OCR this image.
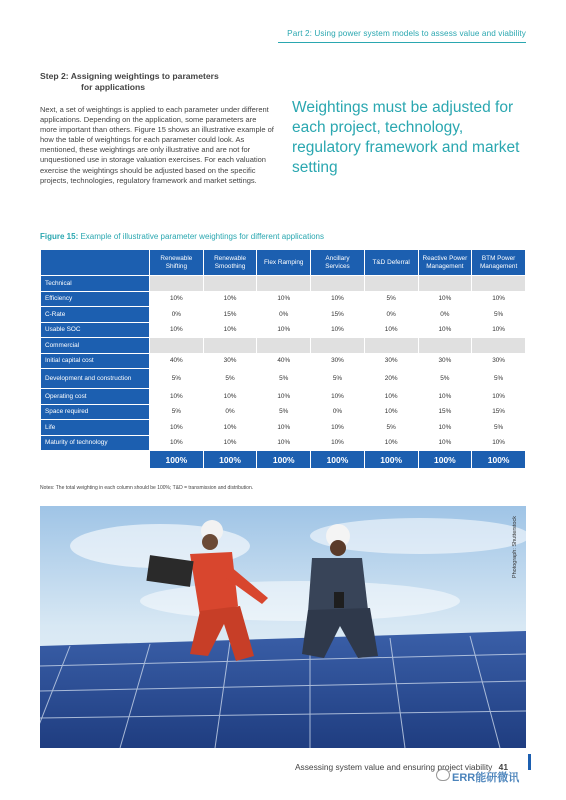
Part 2: Using power system models to assess value and viability
Step 2: Assigning weightings to parameters
for applications

Next, a set of weightings is applied to each parameter under different applications. Depending on the application, some parameters are more important than others. Figure 15 shows an illustrative example of how the table of weightings for each parameter could look. As mentioned, these weightings are only illustrative and are not for unquestioned use in storage valuation exercises. For each valuation exercise the weightings should be adjusted based on the specific projects, technologies, regulatory framework and market settings.

Weightings must be adjusted for each project, technology, regulatory framework and market setting
Figure 15: Example of illustrative parameter weightings for different applications
	Renewable Shifting	Renewable Smoothing	Flex Ramping	Ancillary Services	T&D Deferral	Reactive Power Management	BTM Power Management
Technical							
Efficiency	10%	10%	10%	10%	5%	10%	10%
C-Rate	0%	15%	0%	15%	0%	0%	5%
Usable SOC	10%	10%	10%	10%	10%	10%	10%
Commercial							
Initial capital cost	40%	30%	40%	30%	30%	30%	30%
Development and construction	5%	5%	5%	5%	20%	5%	5%
Operating cost	10%	10%	10%	10%	10%	10%	10%
Space required	5%	0%	5%	0%	10%	15%	15%
Life	10%	10%	10%	10%	5%	10%	5%
Maturity of technology	10%	10%	10%	10%	10%	10%	10%
	100%	100%	100%	100%	100%	100%	100%
Notes: The total weighting in each column should be 100%; T&D = transmission and distribution.
Photograph: Shutterstock
Assessing system value and ensuring project viability 41
ERR能研微讯
